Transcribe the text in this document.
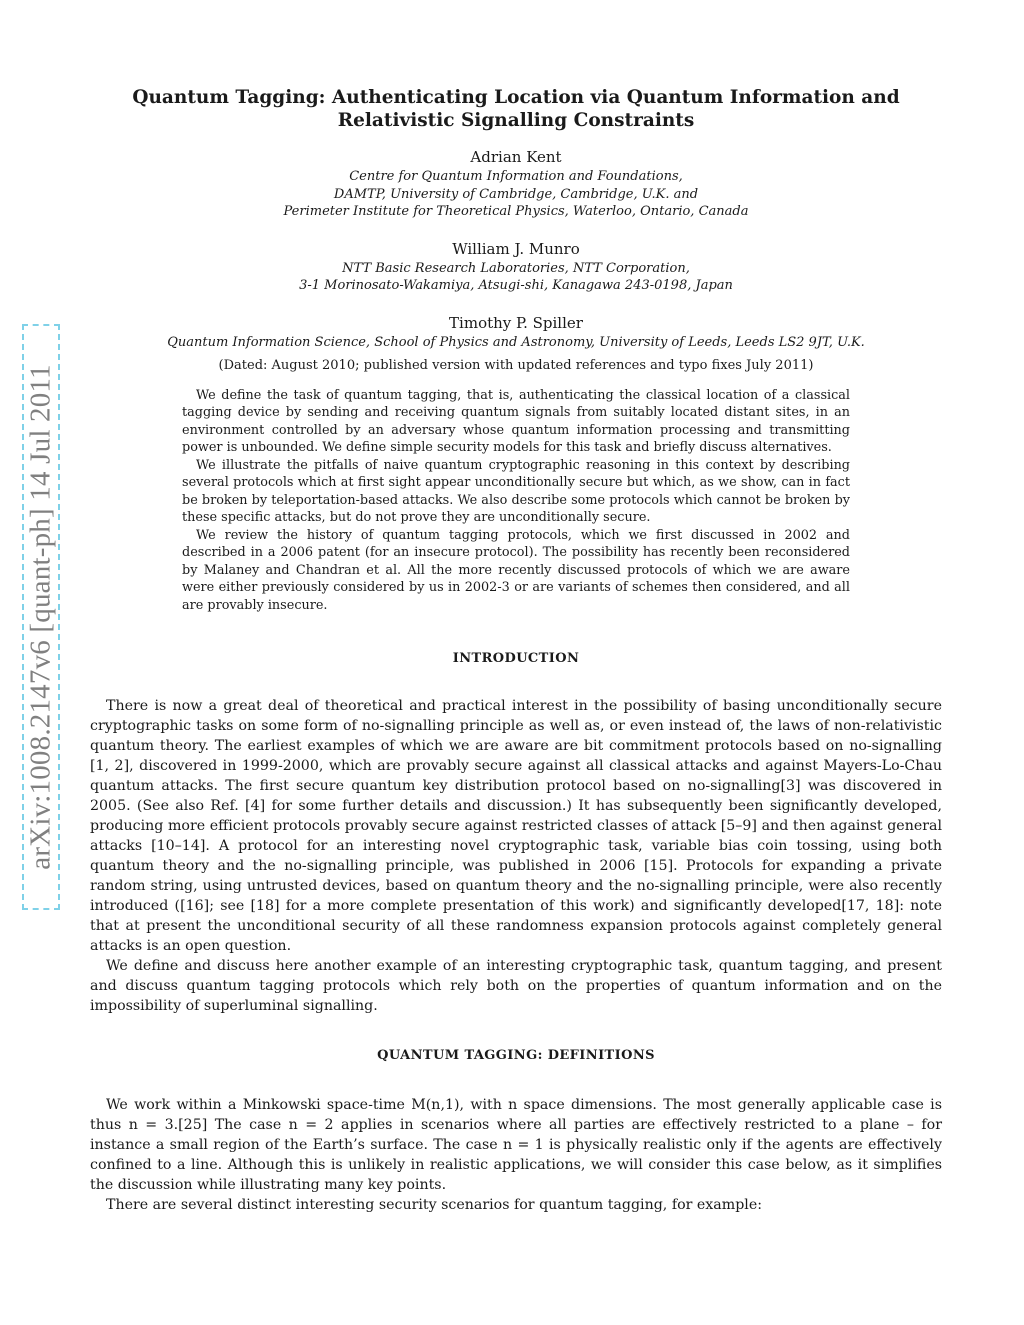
arXiv:1008.2147v6 [quant-ph] 14 Jul 2011
Quantum Tagging: Authenticating Location via Quantum Information and Relativistic Signalling Constraints
Adrian Kent
Centre for Quantum Information and Foundations,
DAMTP, University of Cambridge, Cambridge, U.K. and
Perimeter Institute for Theoretical Physics, Waterloo, Ontario, Canada
William J. Munro
NTT Basic Research Laboratories, NTT Corporation,
3-1 Morinosato-Wakamiya, Atsugi-shi, Kanagawa 243-0198, Japan
Timothy P. Spiller
Quantum Information Science, School of Physics and Astronomy, University of Leeds, Leeds LS2 9JT, U.K.
(Dated: August 2010; published version with updated references and typo fixes July 2011)

We define the task of quantum tagging, that is, authenticating the classical location of a classical tagging device by sending and receiving quantum signals from suitably located distant sites, in an environment controlled by an adversary whose quantum information processing and transmitting power is unbounded. We define simple security models for this task and briefly discuss alternatives.

We illustrate the pitfalls of naive quantum cryptographic reasoning in this context by describing several protocols which at first sight appear unconditionally secure but which, as we show, can in fact be broken by teleportation-based attacks. We also describe some protocols which cannot be broken by these specific attacks, but do not prove they are unconditionally secure.

We review the history of quantum tagging protocols, which we first discussed in 2002 and described in a 2006 patent (for an insecure protocol). The possibility has recently been reconsidered by Malaney and Chandran et al. All the more recently discussed protocols of which we are aware were either previously considered by us in 2002-3 or are variants of schemes then considered, and all are provably insecure.

INTRODUCTION

There is now a great deal of theoretical and practical interest in the possibility of basing unconditionally secure cryptographic tasks on some form of no-signalling principle as well as, or even instead of, the laws of non-relativistic quantum theory. The earliest examples of which we are aware are bit commitment protocols based on no-signalling [1, 2], discovered in 1999-2000, which are provably secure against all classical attacks and against Mayers-Lo-Chau quantum attacks. The first secure quantum key distribution protocol based on no-signalling[3] was discovered in 2005. (See also Ref. [4] for some further details and discussion.) It has subsequently been significantly developed, producing more efficient protocols provably secure against restricted classes of attack [5–9] and then against general attacks [10–14]. A protocol for an interesting novel cryptographic task, variable bias coin tossing, using both quantum theory and the no-signalling principle, was published in 2006 [15]. Protocols for expanding a private random string, using untrusted devices, based on quantum theory and the no-signalling principle, were also recently introduced ([16]; see [18] for a more complete presentation of this work) and significantly developed[17, 18]: note that at present the unconditional security of all these randomness expansion protocols against completely general attacks is an open question.

We define and discuss here another example of an interesting cryptographic task, quantum tagging, and present and discuss quantum tagging protocols which rely both on the properties of quantum information and on the impossibility of superluminal signalling.

QUANTUM TAGGING: DEFINITIONS

We work within a Minkowski space-time M(n,1), with n space dimensions. The most generally applicable case is thus n = 3.[25] The case n = 2 applies in scenarios where all parties are effectively restricted to a plane – for instance a small region of the Earth’s surface. The case n = 1 is physically realistic only if the agents are effectively confined to a line. Although this is unlikely in realistic applications, we will consider this case below, as it simplifies the discussion while illustrating many key points.

There are several distinct interesting security scenarios for quantum tagging, for example:
